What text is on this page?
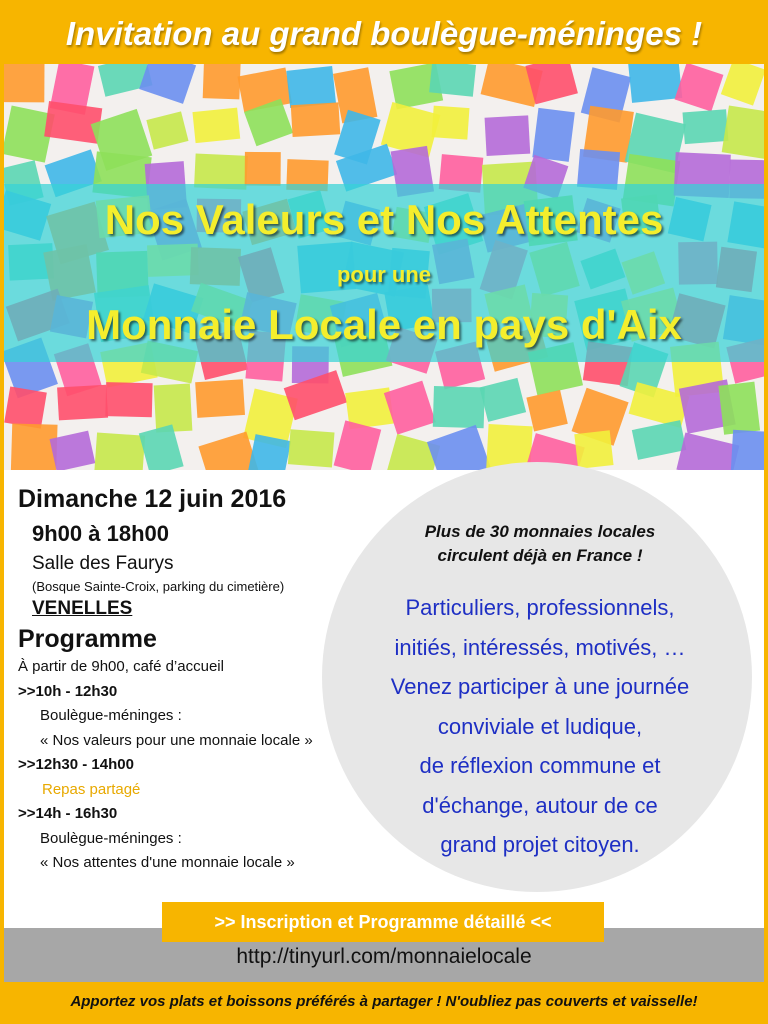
Invitation au grand boulègue-méninges !
Nos Valeurs et Nos Attentes
pour une
Monnaie Locale en pays d'Aix
Plus de 30 monnaies locales
circulent déjà en France !
Particuliers, professionnels,
initiés, intéressés, motivés, …
Venez participer à une journée
conviviale et ludique,
de réflexion commune et
d'échange, autour de ce
grand projet citoyen.
Dimanche 12 juin 2016
9h00 à 18h00
Salle des Faurys
(Bosque Sainte-Croix, parking du cimetière)
VENELLES
Programme
À partir de 9h00, café d’accueil
>>10h - 12h30
Boulègue-méninges :
« Nos valeurs pour une monnaie locale »
>>12h30 - 14h00
Repas partagé
>>14h - 16h30
Boulègue-méninges :
« Nos attentes d'une monnaie locale »
>> Inscription et Programme détaillé <<
http://tinyurl.com/monnaielocale
Apportez vos plats et boissons préférés à partager ! N'oubliez pas couverts et vaisselle!
